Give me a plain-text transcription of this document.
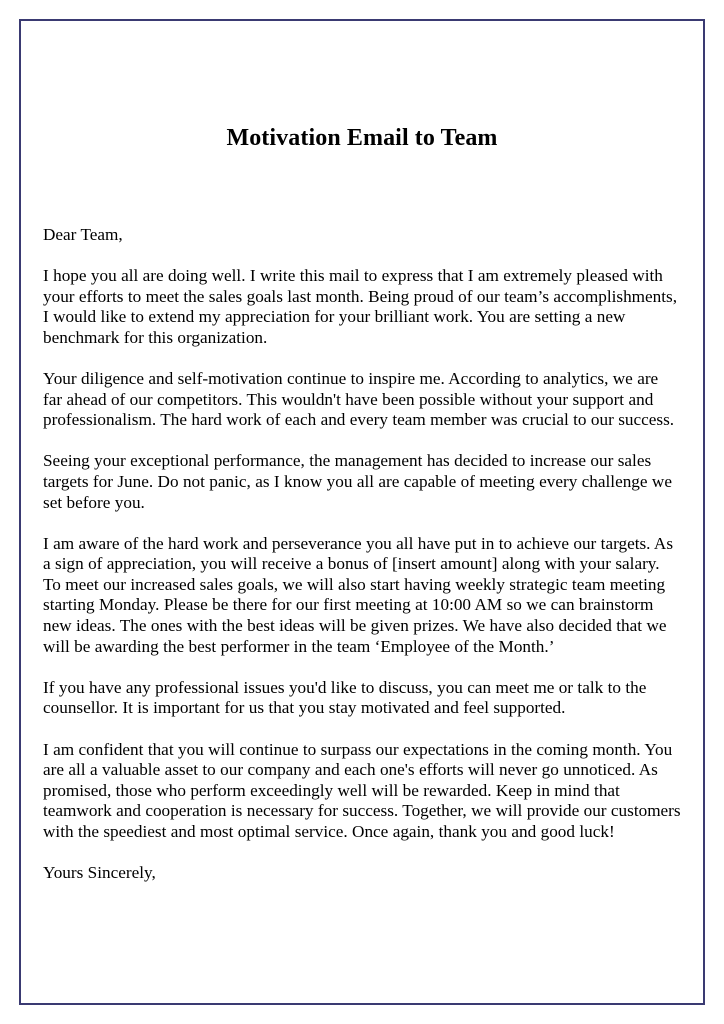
Motivation Email to Team

Dear Team,

I hope you all are doing well. I write this mail to express that I am extremely pleased with your efforts to meet the sales goals last month. Being proud of our team’s accomplishments, I would like to extend my appreciation for your brilliant work. You are setting a new benchmark for this organization.

Your diligence and self-motivation continue to inspire me. According to analytics, we are far ahead of our competitors. This wouldn't have been possible without your support and professionalism. The hard work of each and every team member was crucial to our success.

Seeing your exceptional performance, the management has decided to increase our sales targets for June. Do not panic, as I know you all are capable of meeting every challenge we set before you.

I am aware of the hard work and perseverance you all have put in to achieve our targets. As a sign of appreciation, you will receive a bonus of [insert amount] along with your salary. To meet our increased sales goals, we will also start having weekly strategic team meeting starting Monday. Please be there for our first meeting at 10:00 AM so we can brainstorm new ideas. The ones with the best ideas will be given prizes. We have also decided that we will be awarding the best performer in the team ‘Employee of the Month.’

If you have any professional issues you'd like to discuss, you can meet me or talk to the counsellor. It is important for us that you stay motivated and feel supported.

I am confident that you will continue to surpass our expectations in the coming month. You are all a valuable asset to our company and each one's efforts will never go unnoticed. As promised, those who perform exceedingly well will be rewarded. Keep in mind that teamwork and cooperation is necessary for success. Together, we will provide our customers with the speediest and most optimal service. Once again, thank you and good luck!

Yours Sincerely,
